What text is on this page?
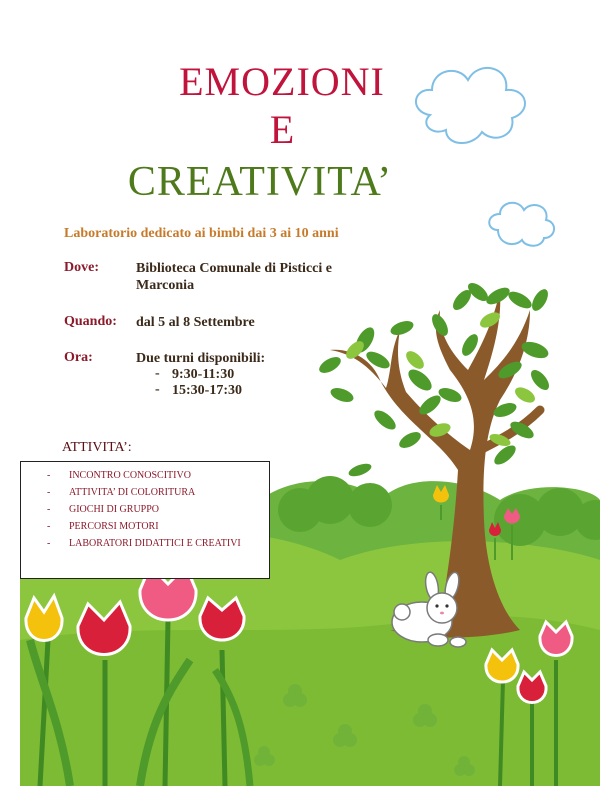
EMOZIONI
E
CREATIVITA’
Laboratorio dedicato ai bimbi dai 3 ai 10 anni
Dove:	Biblioteca Comunale di Pisticci e
Marconia
Quando: dal 5 al 8 Settembre
Ora:	Due turni disponibili:
- 9:30-11:30
- 15:30-17:30
ATTIVITA’:
- INCONTRO CONOSCITIVO
- ATTIVITA’ DI COLORITURA
- GIOCHI DI GRUPPO
- PERCORSI MOTORI
- LABORATORI DIDATTICI E CREATIVI
